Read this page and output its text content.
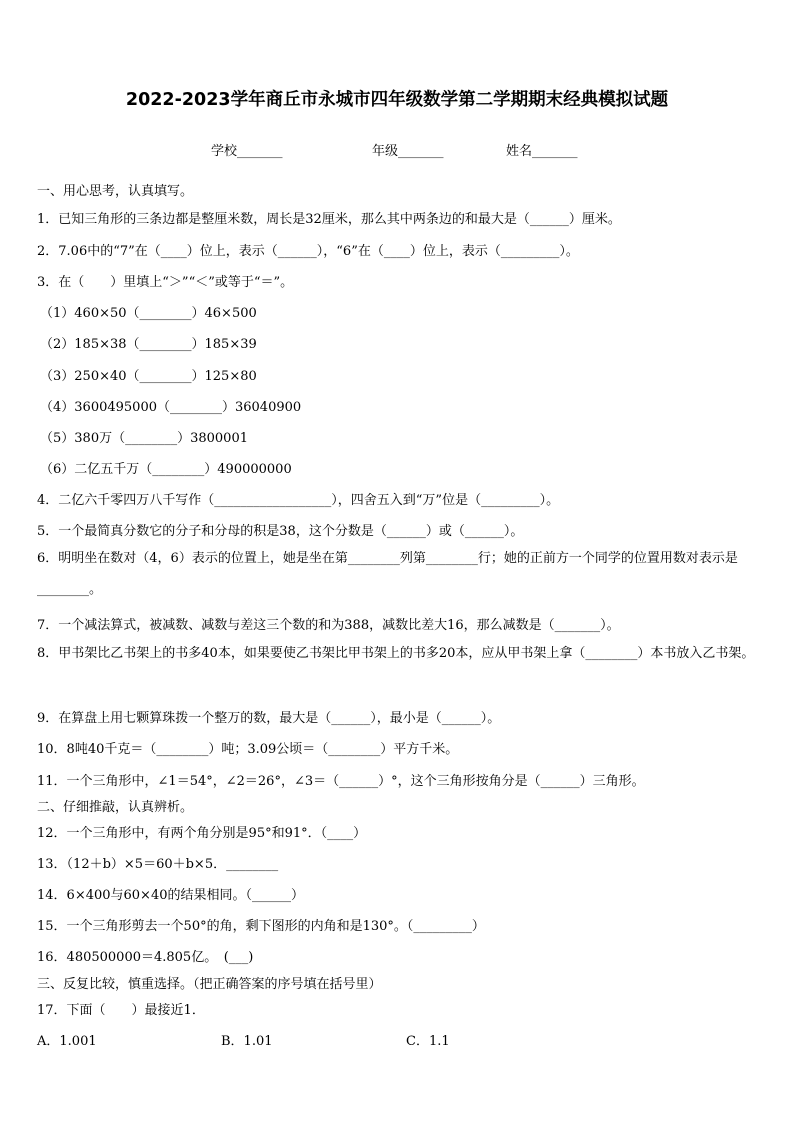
2022-2023学年商丘市永城市四年级数学第二学期期末经典模拟试题
学校_______	年级_______	姓名_______
一、用心思考，认真填写。
1．已知三角形的三条边都是整厘米数，周长是32厘米，那么其中两条边的和最大是（______）厘米。
2．7.06中的“7”在（____）位上，表示（______），“6”在（____）位上，表示（_________）。
3．在（　　）里填上“＞”“＜”或等于“＝”。
（1）460×50（________）46×500
（2）185×38（________）185×39
（3）250×40（________）125×80
（4）3600495000（________）36040900
（5）380万（________）3800001
（6）二亿五千万（________）490000000
4．二亿六千零四万八千写作（__________________），四舍五入到“万”位是（_________）。
5．一个最简真分数它的分子和分母的积是38，这个分数是（______）或（______）。
6．明明坐在数对（4，6）表示的位置上，她是坐在第________列第________行；她的正前方一个同学的位置用数对表示是________。
7．一个减法算式，被减数、减数与差这三个数的和为388，减数比差大16，那么减数是（_______）。
8．甲书架比乙书架上的书多40本，如果要使乙书架比甲书架上的书多20本，应从甲书架上拿（________）本书放入乙书架。
9．在算盘上用七颗算珠拨一个整万的数，最大是（______），最小是（______）。
10．8吨40千克＝（________）吨；3.09公顷＝（________）平方千米。
11．一个三角形中，∠1＝54°，∠2＝26°，∠3＝（______）°，这个三角形按角分是（______）三角形。
二、仔细推敲，认真辨析。
12．一个三角形中，有两个角分别是95°和91°．（____）
13．（12＋b）×5＝60＋b×5．________
14．6×400与60×40的结果相同。（______）
15．一个三角形剪去一个50°的角，剩下图形的内角和是130°。（_________）
16．480500000＝4.805亿。　(___)
三、反复比较，慎重选择。（把正确答案的序号填在括号里）
17．下面（　　）最接近1．
A．1.001	B．1.01	C．1.1
